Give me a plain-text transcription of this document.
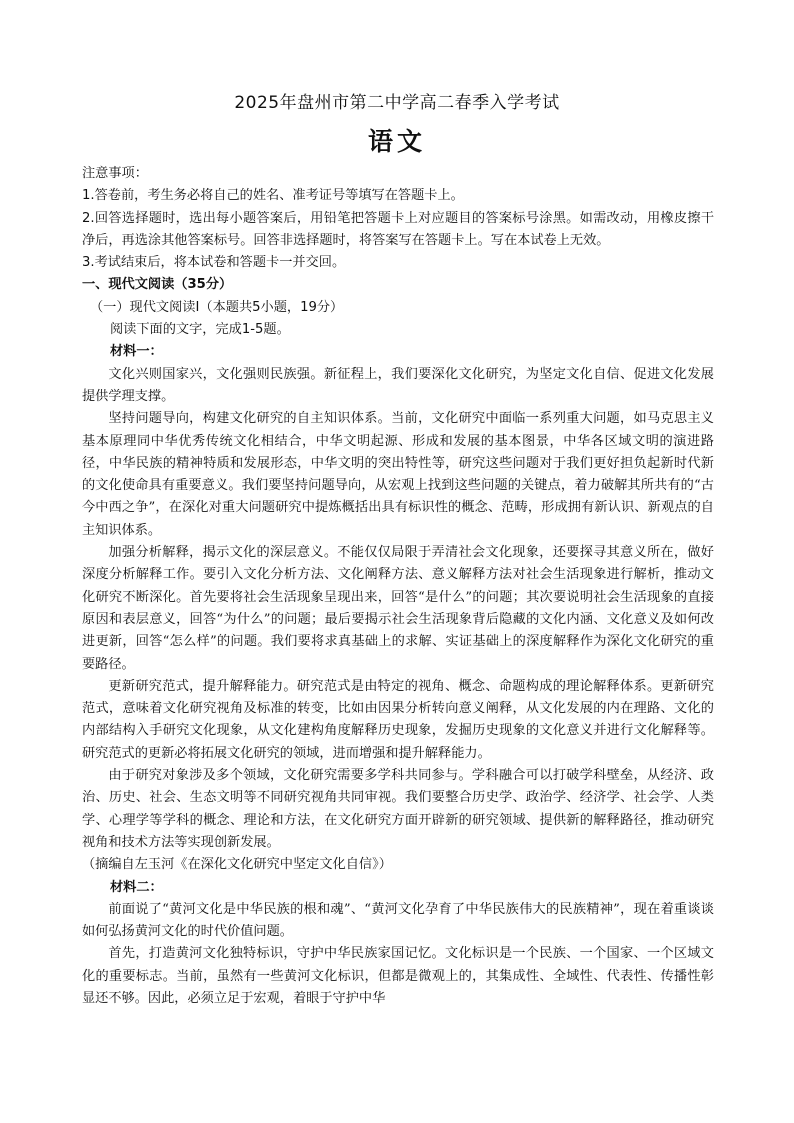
2025年盘州市第二中学高二春季入学考试
语文

注意事项：

1.答卷前，考生务必将自己的姓名、准考证号等填写在答题卡上。

2.回答选择题时，选出每小题答案后，用铅笔把答题卡上对应题目的答案标号涂黑。如需改动，用橡皮擦干净后，再选涂其他答案标号。回答非选择题时，将答案写在答题卡上。写在本试卷上无效。

3.考试结束后，将本试卷和答题卡一并交回。

一、现代文阅读（35分）

（一）现代文阅读Ⅰ（本题共5小题，19分）

阅读下面的文字，完成1-5题。

材料一：

文化兴则国家兴，文化强则民族强。新征程上，我们要深化文化研究，为坚定文化自信、促进文化发展提供学理支撑。

坚持问题导向，构建文化研究的自主知识体系。当前，文化研究中面临一系列重大问题，如马克思主义基本原理同中华优秀传统文化相结合，中华文明起源、形成和发展的基本图景，中华各区域文明的演进路径，中华民族的精神特质和发展形态，中华文明的突出特性等，研究这些问题对于我们更好担负起新时代新的文化使命具有重要意义。我们要坚持问题导向，从宏观上找到这些问题的关键点，着力破解其所共有的“古今中西之争”，在深化对重大问题研究中提炼概括出具有标识性的概念、范畴，形成拥有新认识、新观点的自主知识体系。

加强分析解释，揭示文化的深层意义。不能仅仅局限于弄清社会文化现象，还要探寻其意义所在，做好深度分析解释工作。要引入文化分析方法、文化阐释方法、意义解释方法对社会生活现象进行解析，推动文化研究不断深化。首先要将社会生活现象呈现出来，回答“是什么”的问题；其次要说明社会生活现象的直接原因和表层意义，回答“为什么”的问题；最后要揭示社会生活现象背后隐藏的文化内涵、文化意义及如何改进更新，回答“怎么样”的问题。我们要将求真基础上的求解、实证基础上的深度解释作为深化文化研究的重要路径。

更新研究范式，提升解释能力。研究范式是由特定的视角、概念、命题构成的理论解释体系。更新研究范式，意味着文化研究视角及标准的转变，比如由因果分析转向意义阐释，从文化发展的内在理路、文化的内部结构入手研究文化现象，从文化建构角度解释历史现象，发掘历史现象的文化意义并进行文化解释等。研究范式的更新必将拓展文化研究的领域，进而增强和提升解释能力。

由于研究对象涉及多个领域，文化研究需要多学科共同参与。学科融合可以打破学科壁垒，从经济、政治、历史、社会、生态文明等不同研究视角共同审视。我们要整合历史学、政治学、经济学、社会学、人类学、心理学等学科的概念、理论和方法，在文化研究方面开辟新的研究领域、提供新的解释路径，推动研究视角和技术方法等实现创新发展。

（摘编自左玉河《在深化文化研究中坚定文化自信》）

材料二：

前面说了“黄河文化是中华民族的根和魂”、“黄河文化孕育了中华民族伟大的民族精神”，现在着重谈谈如何弘扬黄河文化的时代价值问题。

首先，打造黄河文化独特标识，守护中华民族家国记忆。文化标识是一个民族、一个国家、一个区域文化的重要标志。当前，虽然有一些黄河文化标识，但都是微观上的，其集成性、全域性、代表性、传播性彰显还不够。因此，必须立足于宏观，着眼于守护中华
